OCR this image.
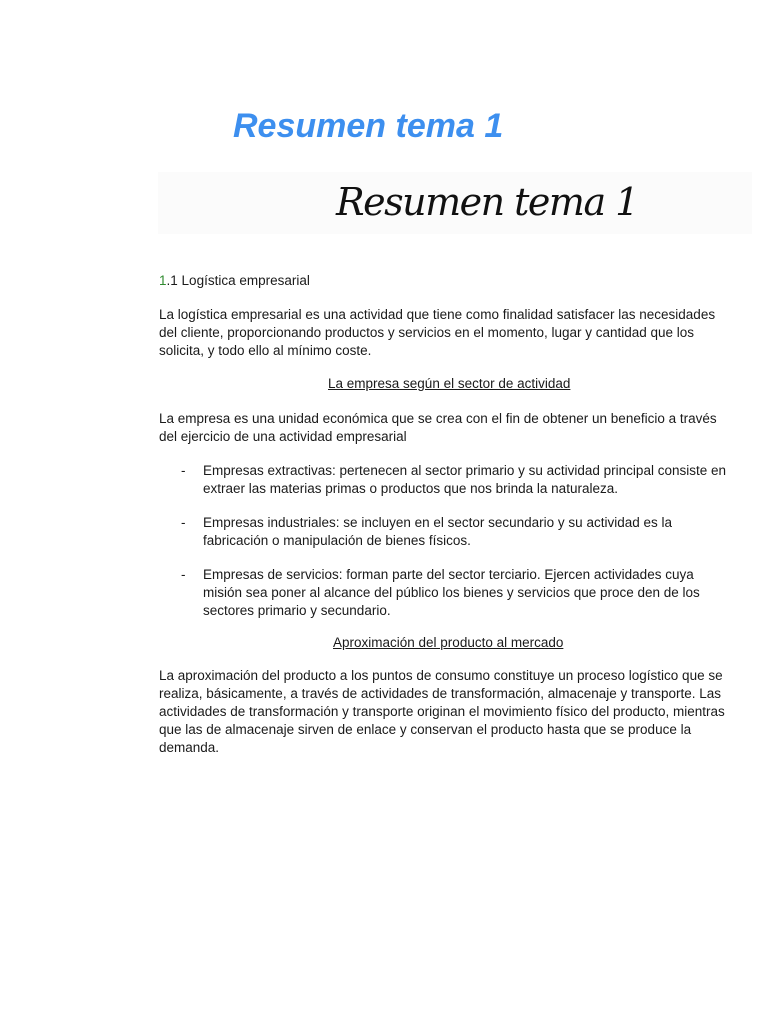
Resumen tema 1

Resumen tema 1

1.1 Logística empresarial

La logística empresarial es una actividad que tiene como finalidad satisfacer las necesidades
del cliente, proporcionando productos y servicios en el momento, lugar y cantidad que los
solicita, y todo ello al mínimo coste.

La empresa según el sector de actividad

La empresa es una unidad económica que se crea con el fin de obtener un beneficio a través
del ejercicio de una actividad empresarial

- Empresas extractivas: pertenecen al sector primario y su actividad principal consiste en
extraer las materias primas o productos que nos brinda la naturaleza.

- Empresas industriales: se incluyen en el sector secundario y su actividad es la
fabricación o manipulación de bienes físicos.

- Empresas de servicios: forman parte del sector terciario. Ejercen actividades cuya
misión sea poner al alcance del público los bienes y servicios que proce den de los
sectores primario y secundario.

Aproximación del producto al mercado

La aproximación del producto a los puntos de consumo constituye un proceso logístico que se
realiza, básicamente, a través de actividades de transformación, almacenaje y transporte. Las
actividades de transformación y transporte originan el movimiento físico del producto, mientras
que las de almacenaje sirven de enlace y conservan el producto hasta que se produce la
demanda.
